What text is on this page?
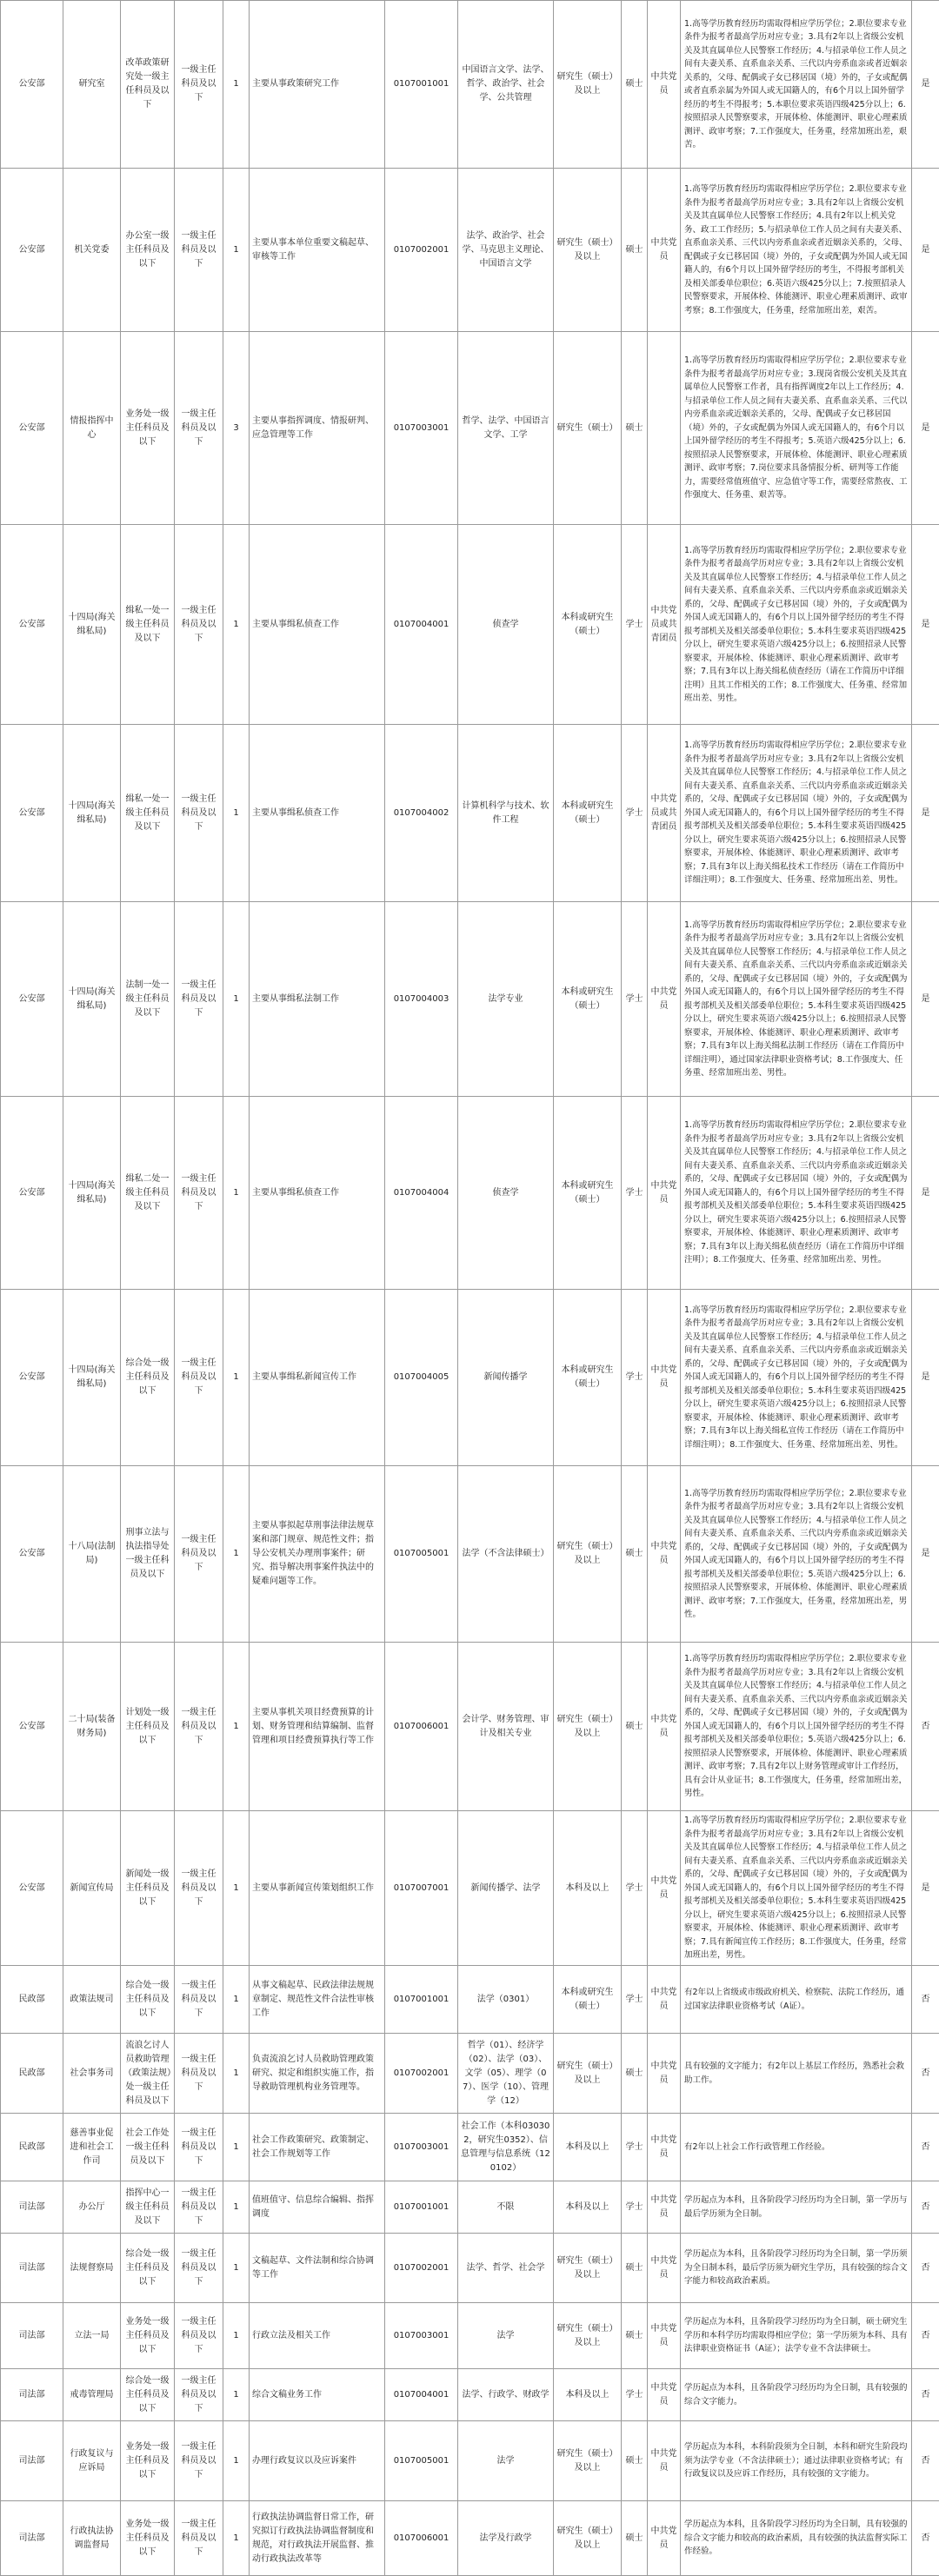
公安部	研究室	改革政策研究处一级主任科员及以下	一级主任科员及以下	1	主要从事政策研究工作	0107001001	中国语言文学、法学、哲学、政治学、社会学、公共管理	研究生（硕士）及以上	硕士	中共党员	1.高等学历教育经历均需取得相应学历学位；2.职位要求专业条件为报考者最高学历对应专业；3.具有2年以上省级公安机关及其直属单位人民警察工作经历；4.与招录单位工作人员之间有夫妻关系、直系血亲关系、三代以内旁系血亲或者近姻亲关系的，父母、配偶或子女已移居国（境）外的，子女或配偶或者直系亲属为外国人或无国籍人的，有6个月以上国外留学经历的考生不得报考；5.本职位要求英语四级425分以上；6.按照招录人民警察要求，开展体检、体能测评、职业心理素质测评、政审考察；7.工作强度大，任务重，经常加班出差，艰苦。	是
公安部	机关党委	办公室一级主任科员及以下	一级主任科员及以下	1	主要从事本单位重要文稿起草、审核等工作	0107002001	法学、政治学、社会学、马克思主义理论、中国语言文学	研究生（硕士）及以上	硕士	中共党员	1.高等学历教育经历均需取得相应学历学位；2.职位要求专业条件为报考者最高学历对应专业；3.具有2年以上省级公安机关及其直属单位人民警察工作经历；4.具有2年以上机关党务、政工工作经历；5.与招录单位工作人员之间有夫妻关系、直系血亲关系、三代以内旁系血亲或者近姻亲关系的，父母、配偶或子女已移居国（境）外的，子女或配偶为外国人或无国籍人的，有6个月以上国外留学经历的考生，不得报考部机关及相关部委单位职位；6.英语六级425分以上；7.按照招录人民警察要求，开展体检、体能测评、职业心理素质测评、政审考察；8.工作强度大，任务重，经常加班出差，艰苦。	是
公安部	情报指挥中心	业务处一级主任科员及以下	一级主任科员及以下	3	主要从事指挥调度、情报研判、应急管理等工作	0107003001	哲学、法学、中国语言文学、工学	研究生（硕士）	硕士		1.高等学历教育经历均需取得相应学历学位；2.职位要求专业条件为报考者最高学历对应专业；3.现岗省级公安机关及其直属单位人民警察工作者，具有指挥调度2年以上工作经历；4.与招录单位工作人员之间有夫妻关系、直系血亲关系、三代以内旁系血亲或近姻亲关系的，父母、配偶或子女已移居国（境）外的，子女或配偶为外国人或无国籍人的，有6个月以上国外留学经历的考生不得报考；5.英语六级425分以上；6.按照招录人民警察要求，开展体检、体能测评、职业心理素质测评、政审考察；7.岗位要求具备情报分析、研判等工作能力，需要经常值班值守、应急值守等工作，需要经常熬夜、工作强度大、任务重、艰苦等。	是
公安部	十四局(海关缉私局)	缉私一处一级主任科员及以下	一级主任科员及以下	1	主要从事缉私侦查工作	0107004001	侦查学	本科或研究生（硕士）	学士	中共党员或共青团员	1.高等学历教育经历均需取得相应学历学位；2.职位要求专业条件为报考者最高学历对应专业；3.具有2年以上省级公安机关及其直属单位人民警察工作经历；4.与招录单位工作人员之间有夫妻关系、直系血亲关系、三代以内旁系血亲或近姻亲关系的，父母、配偶或子女已移居国（境）外的，子女或配偶为外国人或无国籍人的，有6个月以上国外留学经历的考生不得报考部机关及相关部委单位职位；5.本科生要求英语四级425分以上，研究生要求英语六级425分以上；6.按照招录人民警察要求，开展体检、体能测评、职业心理素质测评、政审考察；7.具有3年以上海关缉私侦查经历（请在工作简历中详细注明）且其工作相关的工作；8.工作强度大、任务重、经常加班出差、男性。	是
公安部	十四局(海关缉私局)	缉私一处一级主任科员及以下	一级主任科员及以下	1	主要从事缉私侦查工作	0107004002	计算机科学与技术、软件工程	本科或研究生（硕士）	学士	中共党员或共青团员	1.高等学历教育经历均需取得相应学历学位；2.职位要求专业条件为报考者最高学历对应专业；3.具有2年以上省级公安机关及其直属单位人民警察工作经历；4.与招录单位工作人员之间有夫妻关系、直系血亲关系、三代以内旁系血亲或近姻亲关系的，父母、配偶或子女已移居国（境）外的，子女或配偶为外国人或无国籍人的，有6个月以上国外留学经历的考生不得报考部机关及相关部委单位职位；5.本科生要求英语四级425分以上，研究生要求英语六级425分以上；6.按照招录人民警察要求，开展体检、体能测评、职业心理素质测评、政审考察；7.具有3年以上海关缉私技术工作经历（请在工作简历中详细注明）；8.工作强度大、任务重、经常加班出差、男性。	是
公安部	十四局(海关缉私局)	法制一处一级主任科员及以下	一级主任科员及以下	1	主要从事缉私法制工作	0107004003	法学专业	本科或研究生（硕士）	学士	中共党员	1.高等学历教育经历均需取得相应学历学位；2.职位要求专业条件为报考者最高学历对应专业；3.具有2年以上省级公安机关及其直属单位人民警察工作经历；4.与招录单位工作人员之间有夫妻关系、直系血亲关系、三代以内旁系血亲或近姻亲关系的，父母、配偶或子女已移居国（境）外的，子女或配偶为外国人或无国籍人的，有6个月以上国外留学经历的考生不得报考部机关及相关部委单位职位；5.本科生要求英语四级425分以上，研究生要求英语六级425分以上；6.按照招录人民警察要求，开展体检、体能测评、职业心理素质测评、政审考察；7.具有3年以上海关缉私法制工作经历（请在工作简历中详细注明），通过国家法律职业资格考试；8.工作强度大、任务重、经常加班出差、男性。	是
公安部	十四局(海关缉私局)	缉私二处一级主任科员及以下	一级主任科员及以下	1	主要从事缉私侦查工作	0107004004	侦查学	本科或研究生（硕士）	学士	中共党员	1.高等学历教育经历均需取得相应学历学位；2.职位要求专业条件为报考者最高学历对应专业；3.具有2年以上省级公安机关及其直属单位人民警察工作经历；4.与招录单位工作人员之间有夫妻关系、直系血亲关系、三代以内旁系血亲或近姻亲关系的，父母、配偶或子女已移居国（境）外的，子女或配偶为外国人或无国籍人的，有6个月以上国外留学经历的考生不得报考部机关及相关部委单位职位；5.本科生要求英语四级425分以上，研究生要求英语六级425分以上；6.按照招录人民警察要求，开展体检、体能测评、职业心理素质测评、政审考察；7.具有3年以上海关缉私侦查经历（请在工作简历中详细注明）；8.工作强度大、任务重、经常加班出差、男性。	是
公安部	十四局(海关缉私局)	综合处一级主任科员及以下	一级主任科员及以下	1	主要从事缉私新闻宣传工作	0107004005	新闻传播学	本科或研究生（硕士）	学士	中共党员	1.高等学历教育经历均需取得相应学历学位；2.职位要求专业条件为报考者最高学历对应专业；3.具有2年以上省级公安机关及其直属单位人民警察工作经历；4.与招录单位工作人员之间有夫妻关系、直系血亲关系、三代以内旁系血亲或近姻亲关系的，父母、配偶或子女已移居国（境）外的，子女或配偶为外国人或无国籍人的，有6个月以上国外留学经历的考生不得报考部机关及相关部委单位职位；5.本科生要求英语四级425分以上，研究生要求英语六级425分以上；6.按照招录人民警察要求，开展体检、体能测评、职业心理素质测评、政审考察；7.具有3年以上海关缉私宣传工作经历（请在工作简历中详细注明）；8.工作强度大、任务重、经常加班出差、男性。	是
公安部	十八局(法制局)	刑事立法与执法指导处一级主任科员及以下	一级主任科员及以下	1	主要从事拟起草刑事法律法规草案和部门规章、规范性文件；指导公安机关办理刑事案件；研究、指导解决刑事案件执法中的疑难问题等工作。	0107005001	法学（不含法律硕士）	研究生（硕士）及以上	硕士	中共党员	1.高等学历教育经历均需取得相应学历学位；2.职位要求专业条件为报考者最高学历对应专业；3.具有2年以上省级公安机关及其直属单位人民警察工作经历；4.与招录单位工作人员之间有夫妻关系、直系血亲关系、三代以内旁系血亲或近姻亲关系的，父母、配偶或子女已移居国（境）外的，子女或配偶为外国人或无国籍人的，有6个月以上国外留学经历的考生不得报考部机关及相关部委单位职位；5.英语六级425分以上；6.按照招录人民警察要求，开展体检、体能测评、职业心理素质测评、政审考察；7.工作强度大，任务重，经常加班出差，男性。	是
公安部	二十局(装备财务局)	计划处一级主任科员及以下	一级主任科员及以下	1	主要从事机关项目经费预算的计划、财务管理和结算编制、监督管理和项目经费预算执行等工作	0107006001	会计学、财务管理、审计及相关专业	研究生（硕士）及以上	硕士	中共党员	1.高等学历教育经历均需取得相应学历学位；2.职位要求专业条件为报考者最高学历对应专业；3.具有2年以上省级公安机关及其直属单位人民警察工作经历；4.与招录单位工作人员之间有夫妻关系、直系血亲关系、三代以内旁系血亲或近姻亲关系的，父母、配偶或子女已移居国（境）外的，子女或配偶为外国人或无国籍人的，有6个月以上国外留学经历的考生不得报考部机关及相关部委单位职位；5.英语六级425分以上；6.按照招录人民警察要求，开展体检、体能测评、职业心理素质测评、政审考察；7.具有2年以上财务管理或审计工作经历，具有会计从业证书；8.工作强度大，任务重，经常加班出差，男性。	否
公安部	新闻宣传局	新闻处一级主任科员及以下	一级主任科员及以下	1	主要从事新闻宣传策划组织工作	0107007001	新闻传播学、法学	本科及以上	学士	中共党员	1.高等学历教育经历均需取得相应学历学位；2.职位要求专业条件为报考者最高学历对应专业；3.具有2年以上省级公安机关及其直属单位人民警察工作经历；4.与招录单位工作人员之间有夫妻关系、直系血亲关系、三代以内旁系血亲或近姻亲关系的，父母、配偶或子女已移居国（境）外的，子女或配偶为外国人或无国籍人的，有6个月以上国外留学经历的考生不得报考部机关及相关部委单位职位；5.本科生要求英语四级425分以上，研究生要求英语六级425分以上；6.按照招录人民警察要求，开展体检、体能测评、职业心理素质测评、政审考察；7.具有新闻宣传工作经历；8.工作强度大，任务重，经常加班出差，男性。	是
民政部	政策法规司	综合处一级主任科员及以下	一级主任科员及以下	1	从事文稿起草、民政法律法规规章制定、规范性文件合法性审核工作	0107001001	法学（0301）	本科或研究生（硕士）	学士	中共党员	有2年以上省级或市级政府机关、检察院、法院工作经历，通过国家法律职业资格考试（A证）。	否
民政部	社会事务司	流浪乞讨人员救助管理（政策法规）处一级主任科员及以下	一级主任科员及以下	1	负责流浪乞讨人员救助管理政策研究、拟定和组织实施工作，指导救助管理机构业务管理等。	0107002001	哲学（01）、经济学（02）、法学（03）、文学（05）、理学（07）、医学（10）、管理学（12）	研究生（硕士）及以上	硕士	中共党员	具有较强的文字能力；有2年以上基层工作经历，熟悉社会救助工作。	否
民政部	慈善事业促进和社会工作司	社会工作处一级主任科员及以下	一级主任科员及以下	1	社会工作政策研究、政策制定、社会工作规划等工作	0107003001	社会工作（本科030302，研究生0352）、信息管理与信息系统（120102）	本科及以上	学士	中共党员	有2年以上社会工作行政管理工作经验。	否
司法部	办公厅	指挥中心一级主任科员及以下	一级主任科员及以下	1	值班值守、信息综合编辑、指挥调度	0107001001	不限	本科及以上	学士	中共党员	学历起点为本科，且各阶段学习经历均为全日制，第一学历与最后学历须为全日制。	否
司法部	法规督察局	综合处一级主任科员及以下	一级主任科员及以下	1	文稿起草、文件法制和综合协调等工作	0107002001	法学、哲学、社会学	研究生（硕士）及以上	硕士	中共党员	学历起点为本科，且各阶段学习经历均为全日制，第一学历须为全日制本科，最后学历须为研究生学历，具有较强的综合文字能力和较高政治素质。	否
司法部	立法一局	业务处一级主任科员及以下	一级主任科员及以下	1	行政立法及相关工作	0107003001	法学	研究生（硕士）及以上	硕士	中共党员	学历起点为本科，且各阶段学习经历均为全日制，硕士研究生学历和本科学历均需取得相应学位；第一学历须为本科、具有法律职业资格证书（A证）；法学专业不含法律硕士。	否
司法部	戒毒管理局	综合处一级主任科员及以下	一级主任科员及以下	1	综合文稿业务工作	0107004001	法学、行政学、财政学	本科及以上	学士	中共党员	学历起点为本科，且各阶段学习经历均为全日制，具有较强的综合文字能力。	否
司法部	行政复议与应诉局	业务处一级主任科员及以下	一级主任科员及以下	1	办理行政复议以及应诉案件	0107005001	法学	研究生（硕士）及以上	硕士	中共党员	学历起点为本科，本科阶段须为全日制，本科和研究生阶段均须为法学专业（不含法律硕士）；通过法律职业资格考试；有行政复议以及应诉工作经历，具有较强的文字能力。	否
司法部	行政执法协调监督局	业务处一级主任科员及以下	一级主任科员及以下	1	行政执法协调监督日常工作，研究拟订行政执法协调监督制度和规范，对行政执法开展监督、推动行政执法改革等	0107006001	法学及行政学	研究生（硕士）及以上	硕士	中共党员	学历起点为本科，且各阶段学习经历均为全日制，具有较强的综合文字能力和较高的政治素质，具有较强的执法监督实际工作经验。	否
